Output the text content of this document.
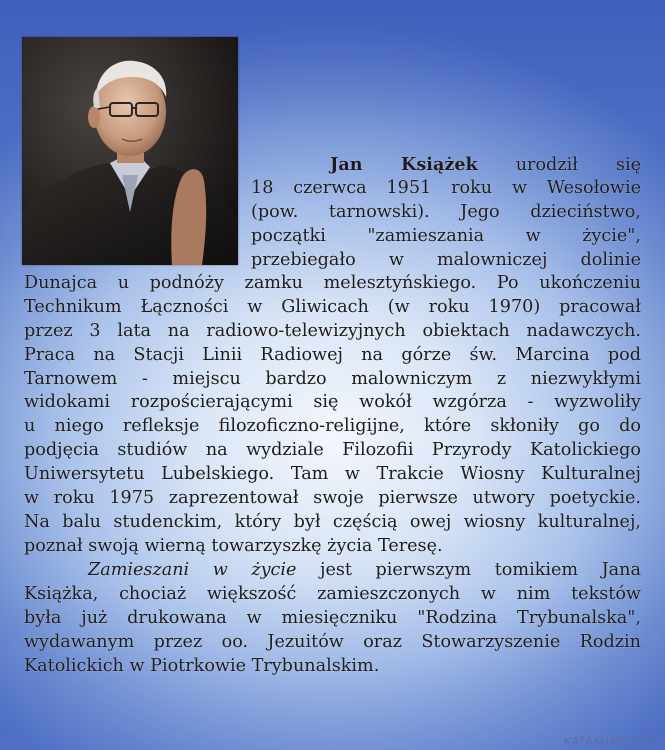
Jan Książek urodził się
18 czerwca 1951 roku w Wesołowie
(pow. tarnowski). Jego dzieciństwo,
początki "zamieszania w życie",
przebiegało w malowniczej dolinie
Dunajca u podnóży zamku melesztyńskiego. Po ukończeniu
Technikum Łączności w Gliwicach (w roku 1970) pracował
przez 3 lata na radiowo-telewizyjnych obiektach nadawczych.
Praca na Stacji Linii Radiowej na górze św. Marcina pod
Tarnowem - miejscu bardzo malowniczym z niezwykłymi
widokami rozpościerającymi się wokół wzgórza - wyzwoliły
u niego refleksje filozoficzno-religijne, które skłoniły go do
podjęcia studiów na wydziale Filozofii Przyrody Katolickiego
Uniwersytetu Lubelskiego. Tam w Trakcie Wiosny Kulturalnej
w roku 1975 zaprezentował swoje pierwsze utwory poetyckie.
Na balu studenckim, który był częścią owej wiosny kulturalnej,
poznał swoją wierną towarzyszkę życia Teresę.
Zamieszani w życie jest pierwszym tomikiem Jana
Książka, chociaż większość zamieszczonych w nim tekstów
była już drukowana w miesięczniku "Rodzina Trybunalska",
wydawanym przez oo. Jezuitów oraz Stowarzyszenie Rodzin
Katolickich w Piotrkowie Trybunalskim.
KATAKUMBUS.PL
